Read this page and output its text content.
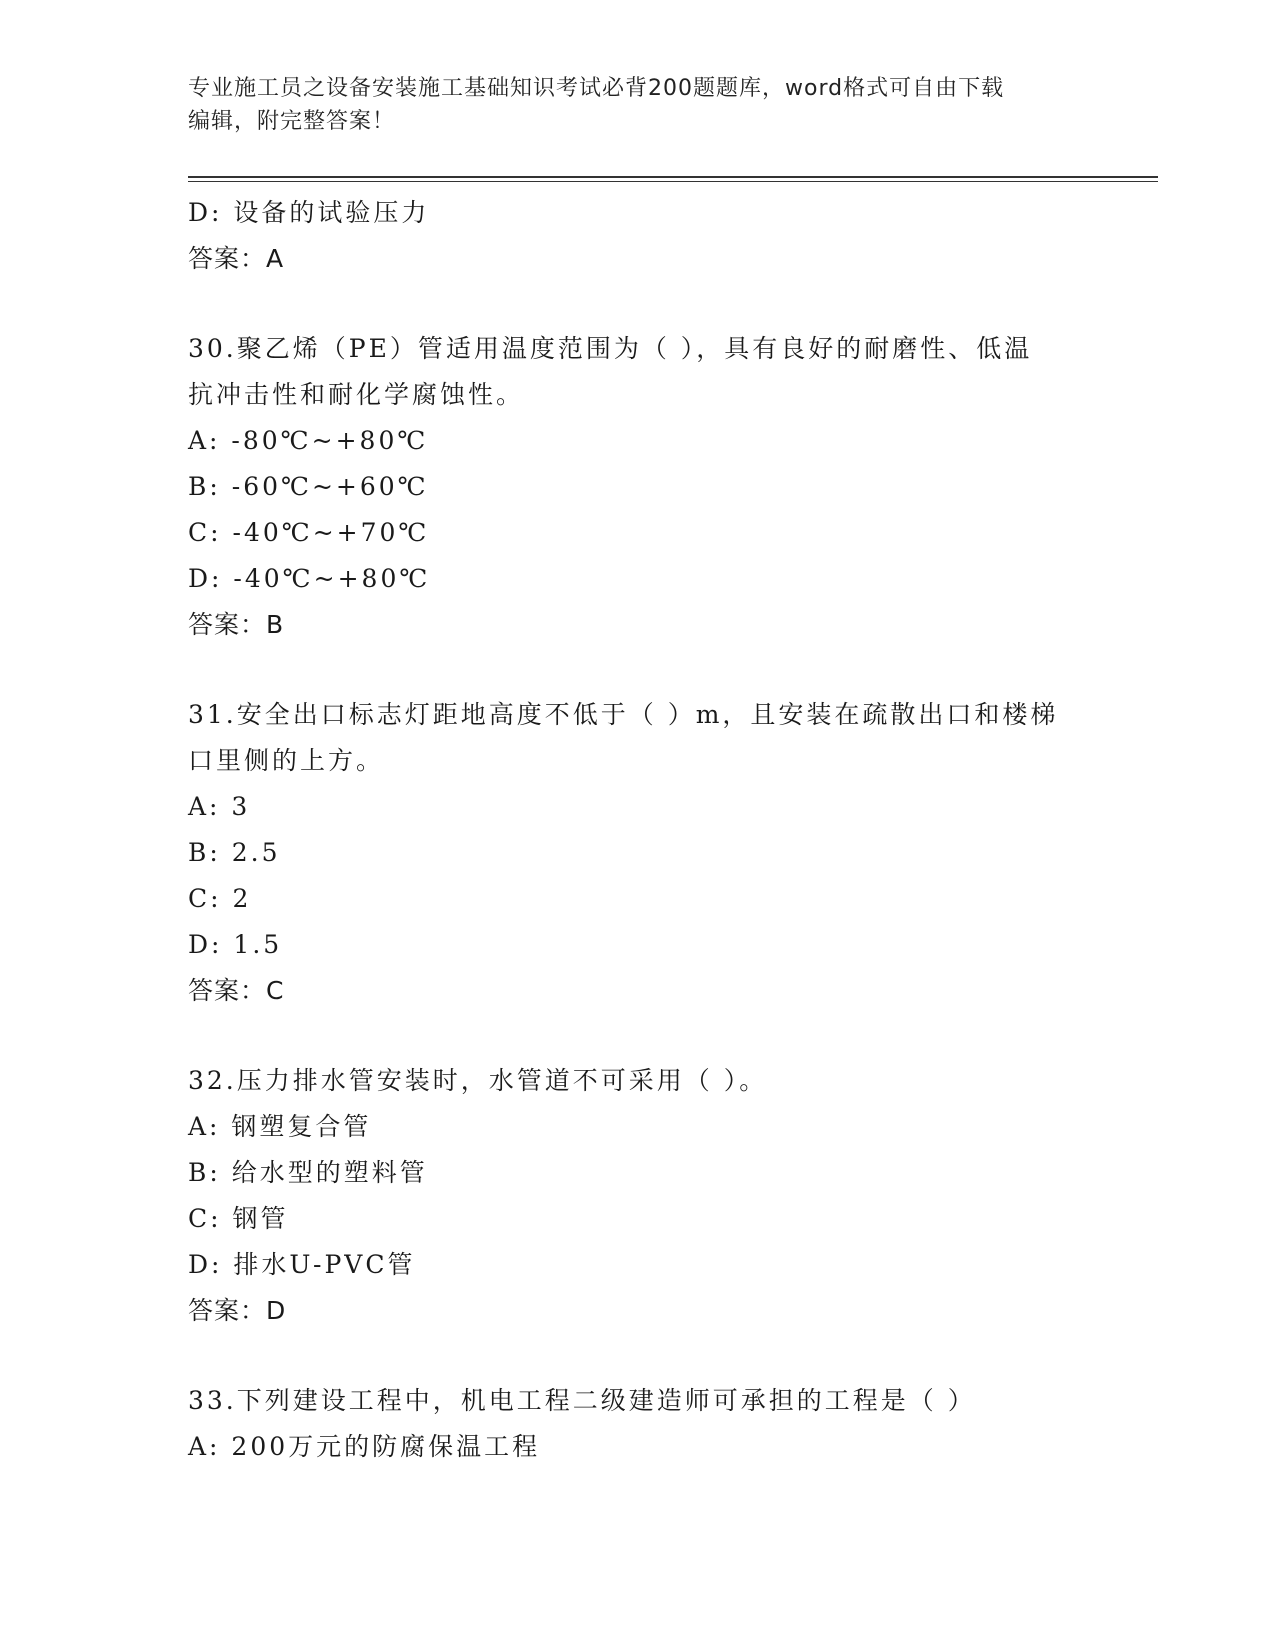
专业施工员之设备安装施工基础知识考试必背200题题库，word格式可自由下载
编辑，附完整答案！
D: 设备的试验压力
答案：A
30.聚乙烯（PE）管适用温度范围为（ ），具有良好的耐磨性、低温
抗冲击性和耐化学腐蚀性。
A: -80℃~+80℃
B: -60℃~+60℃
C: -40℃~+70℃
D: -40℃~+80℃
答案：B
31.安全出口标志灯距地高度不低于（ ）m，且安装在疏散出口和楼梯
口里侧的上方。
A: 3
B: 2.5
C: 2
D: 1.5
答案：C
32.压力排水管安装时，水管道不可采用（ ）。
A: 钢塑复合管
B: 给水型的塑料管
C: 钢管
D: 排水U-PVC管
答案：D
33.下列建设工程中，机电工程二级建造师可承担的工程是（ ）
A: 200万元的防腐保温工程
